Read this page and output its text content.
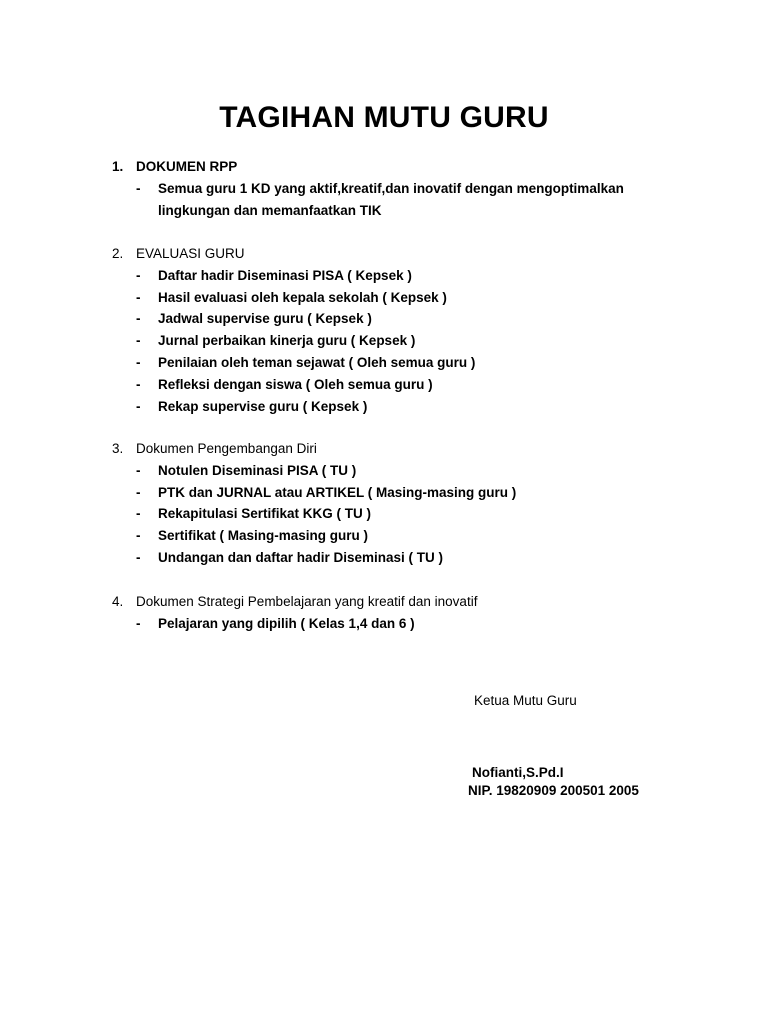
TAGIHAN MUTU GURU
1. DOKUMEN RPP
-	Semua guru 1 KD yang aktif,kreatif,dan inovatif dengan mengoptimalkan lingkungan dan memanfaatkan TIK
2. EVALUASI GURU
-	Daftar hadir Diseminasi PISA ( Kepsek )
-	Hasil evaluasi oleh kepala sekolah ( Kepsek )
-	Jadwal supervise guru ( Kepsek )
-	Jurnal perbaikan kinerja guru ( Kepsek )
-	Penilaian oleh teman sejawat ( Oleh semua guru )
-	Refleksi dengan siswa ( Oleh semua guru )
-	Rekap supervise guru ( Kepsek )
3. Dokumen Pengembangan Diri
-	Notulen Diseminasi PISA ( TU )
-	PTK dan JURNAL atau ARTIKEL ( Masing-masing guru )
-	Rekapitulasi Sertifikat KKG ( TU )
-	Sertifikat ( Masing-masing guru )
-	Undangan dan daftar hadir Diseminasi ( TU )
4. Dokumen Strategi Pembelajaran yang kreatif dan inovatif
-	Pelajaran yang dipilih ( Kelas 1,4 dan 6 )
Ketua Mutu Guru
Nofianti,S.Pd.I
NIP. 19820909 200501 2005
